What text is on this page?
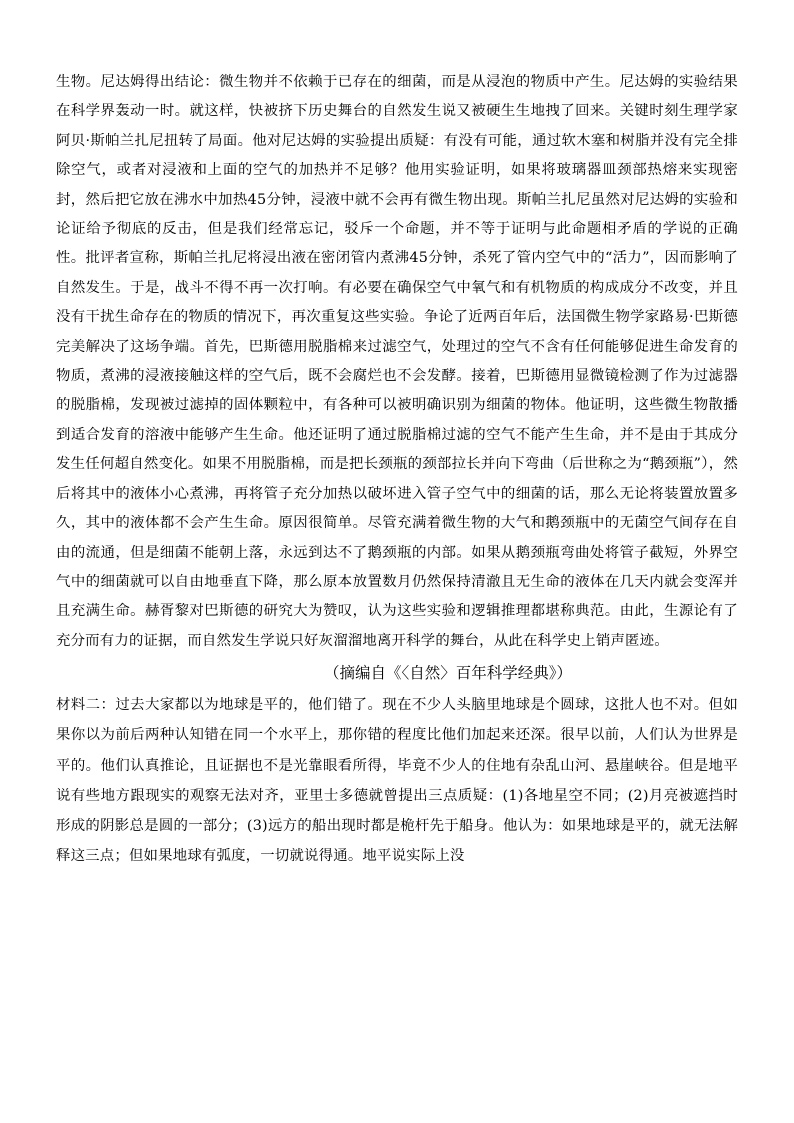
生物。尼达姆得出结论：微生物并不依赖于已存在的细菌，而是从浸泡的物质中产生。尼达姆的实验结果在科学界轰动一时。就这样，快被挤下历史舞台的自然发生说又被硬生生地拽了回来。关键时刻生理学家阿贝·斯帕兰扎尼扭转了局面。他对尼达姆的实验提出质疑：有没有可能，通过软木塞和树脂并没有完全排除空气，或者对浸液和上面的空气的加热并不足够？他用实验证明，如果将玻璃器皿颈部热熔来实现密封，然后把它放在沸水中加热45分钟，浸液中就不会再有微生物出现。斯帕兰扎尼虽然对尼达姆的实验和论证给予彻底的反击，但是我们经常忘记，驳斥一个命题，并不等于证明与此命题相矛盾的学说的正确性。批评者宣称，斯帕兰扎尼将浸出液在密闭管内煮沸45分钟，杀死了管内空气中的“活力”，因而影响了自然发生。于是，战斗不得不再一次打响。有必要在确保空气中氧气和有机物质的构成成分不改变，并且没有干扰生命存在的物质的情况下，再次重复这些实验。争论了近两百年后，法国微生物学家路易·巴斯德完美解决了这场争端。首先，巴斯德用脱脂棉来过滤空气，处理过的空气不含有任何能够促进生命发育的物质，煮沸的浸液接触这样的空气后，既不会腐烂也不会发酵。接着，巴斯德用显微镜检测了作为过滤器的脱脂棉，发现被过滤掉的固体颗粒中，有各种可以被明确识别为细菌的物体。他证明，这些微生物散播到适合发育的溶液中能够产生生命。他还证明了通过脱脂棉过滤的空气不能产生生命，并不是由于其成分发生任何超自然变化。如果不用脱脂棉，而是把长颈瓶的颈部拉长并向下弯曲（后世称之为“鹅颈瓶”），然后将其中的液体小心煮沸，再将管子充分加热以破坏进入管子空气中的细菌的话，那么无论将装置放置多久，其中的液体都不会产生生命。原因很简单。尽管充满着微生物的大气和鹅颈瓶中的无菌空气间存在自由的流通，但是细菌不能朝上落，永远到达不了鹅颈瓶的内部。如果从鹅颈瓶弯曲处将管子截短，外界空气中的细菌就可以自由地垂直下降，那么原本放置数月仍然保持清澈且无生命的液体在几天内就会变浑并且充满生命。赫胥黎对巴斯德的研究大为赞叹，认为这些实验和逻辑推理都堪称典范。由此，生源论有了充分而有力的证据，而自然发生学说只好灰溜溜地离开科学的舞台，从此在科学史上销声匿迹。

（摘编自《〈自然〉百年科学经典》）

材料二：过去大家都以为地球是平的，他们错了。现在不少人头脑里地球是个圆球，这批人也不对。但如果你以为前后两种认知错在同一个水平上，那你错的程度比他们加起来还深。很早以前，人们认为世界是平的。他们认真推论，且证据也不是光靠眼看所得，毕竟不少人的住地有杂乱山河、悬崖峡谷。但是地平说有些地方跟现实的观察无法对齐，亚里士多德就曾提出三点质疑：(1)各地星空不同；(2)月亮被遮挡时形成的阴影总是圆的一部分；(3)远方的船出现时都是桅杆先于船身。他认为：如果地球是平的，就无法解释这三点；但如果地球有弧度，一切就说得通。地平说实际上没
